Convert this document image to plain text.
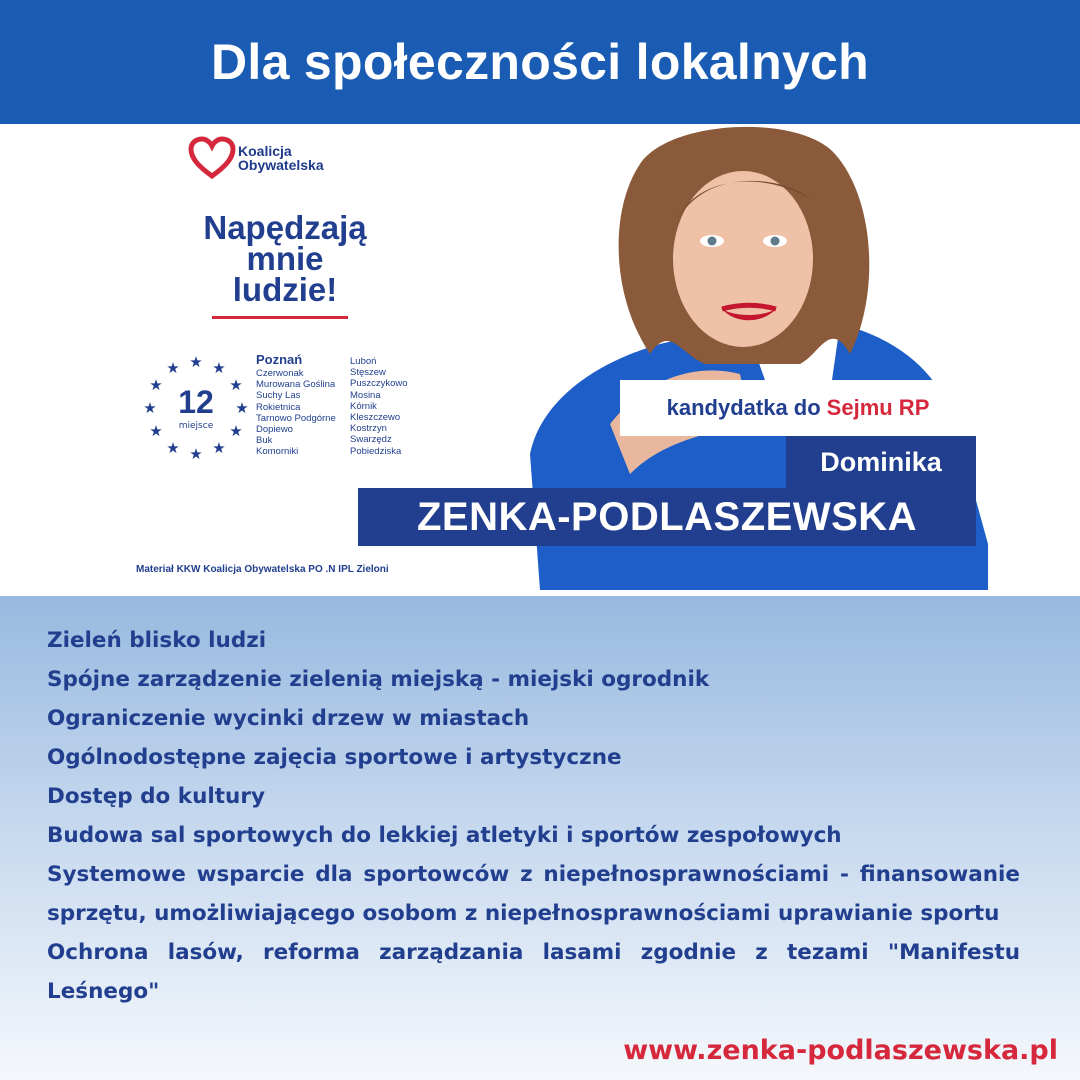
Dla społeczności lokalnych
Koalicja
Obywatelska
Napędzają
mnie
ludzie!
★ ★
★
★
★
★
★
★
★
★
★
★
12
miejsce
Poznań
Czerwonak
Murowana Goślina
Suchy Las
Rokietnica
Tarnowo Podgórne
Dopiewo
Buk
Komorniki
Luboń
Stęszew
Puszczykowo
Mosina
Kórnik
Kleszczewo
Kostrzyn
Swarzędz
Pobiedziska
Materiał KKW Koalicja Obywatelska PO .N IPL Zieloni
kandydatka do Sejmu RP
Dominika
ZENKA-PODLASZEWSKA
Zieleń blisko ludzi
Spójne zarządzenie zielenią miejską - miejski ogrodnik
Ograniczenie wycinki drzew w miastach
Ogólnodostępne zajęcia sportowe i artystyczne
Dostęp do kultury
Budowa sal sportowych do lekkiej atletyki i sportów zespołowych
Systemowe wsparcie dla sportowców z niepełnosprawnościami - finansowanie sprzętu, umożliwiającego osobom z niepełnosprawnościami uprawianie sportu
Ochrona lasów, reforma zarządzania lasami zgodnie z tezami "Manifestu Leśnego"
www.zenka-podlaszewska.pl
